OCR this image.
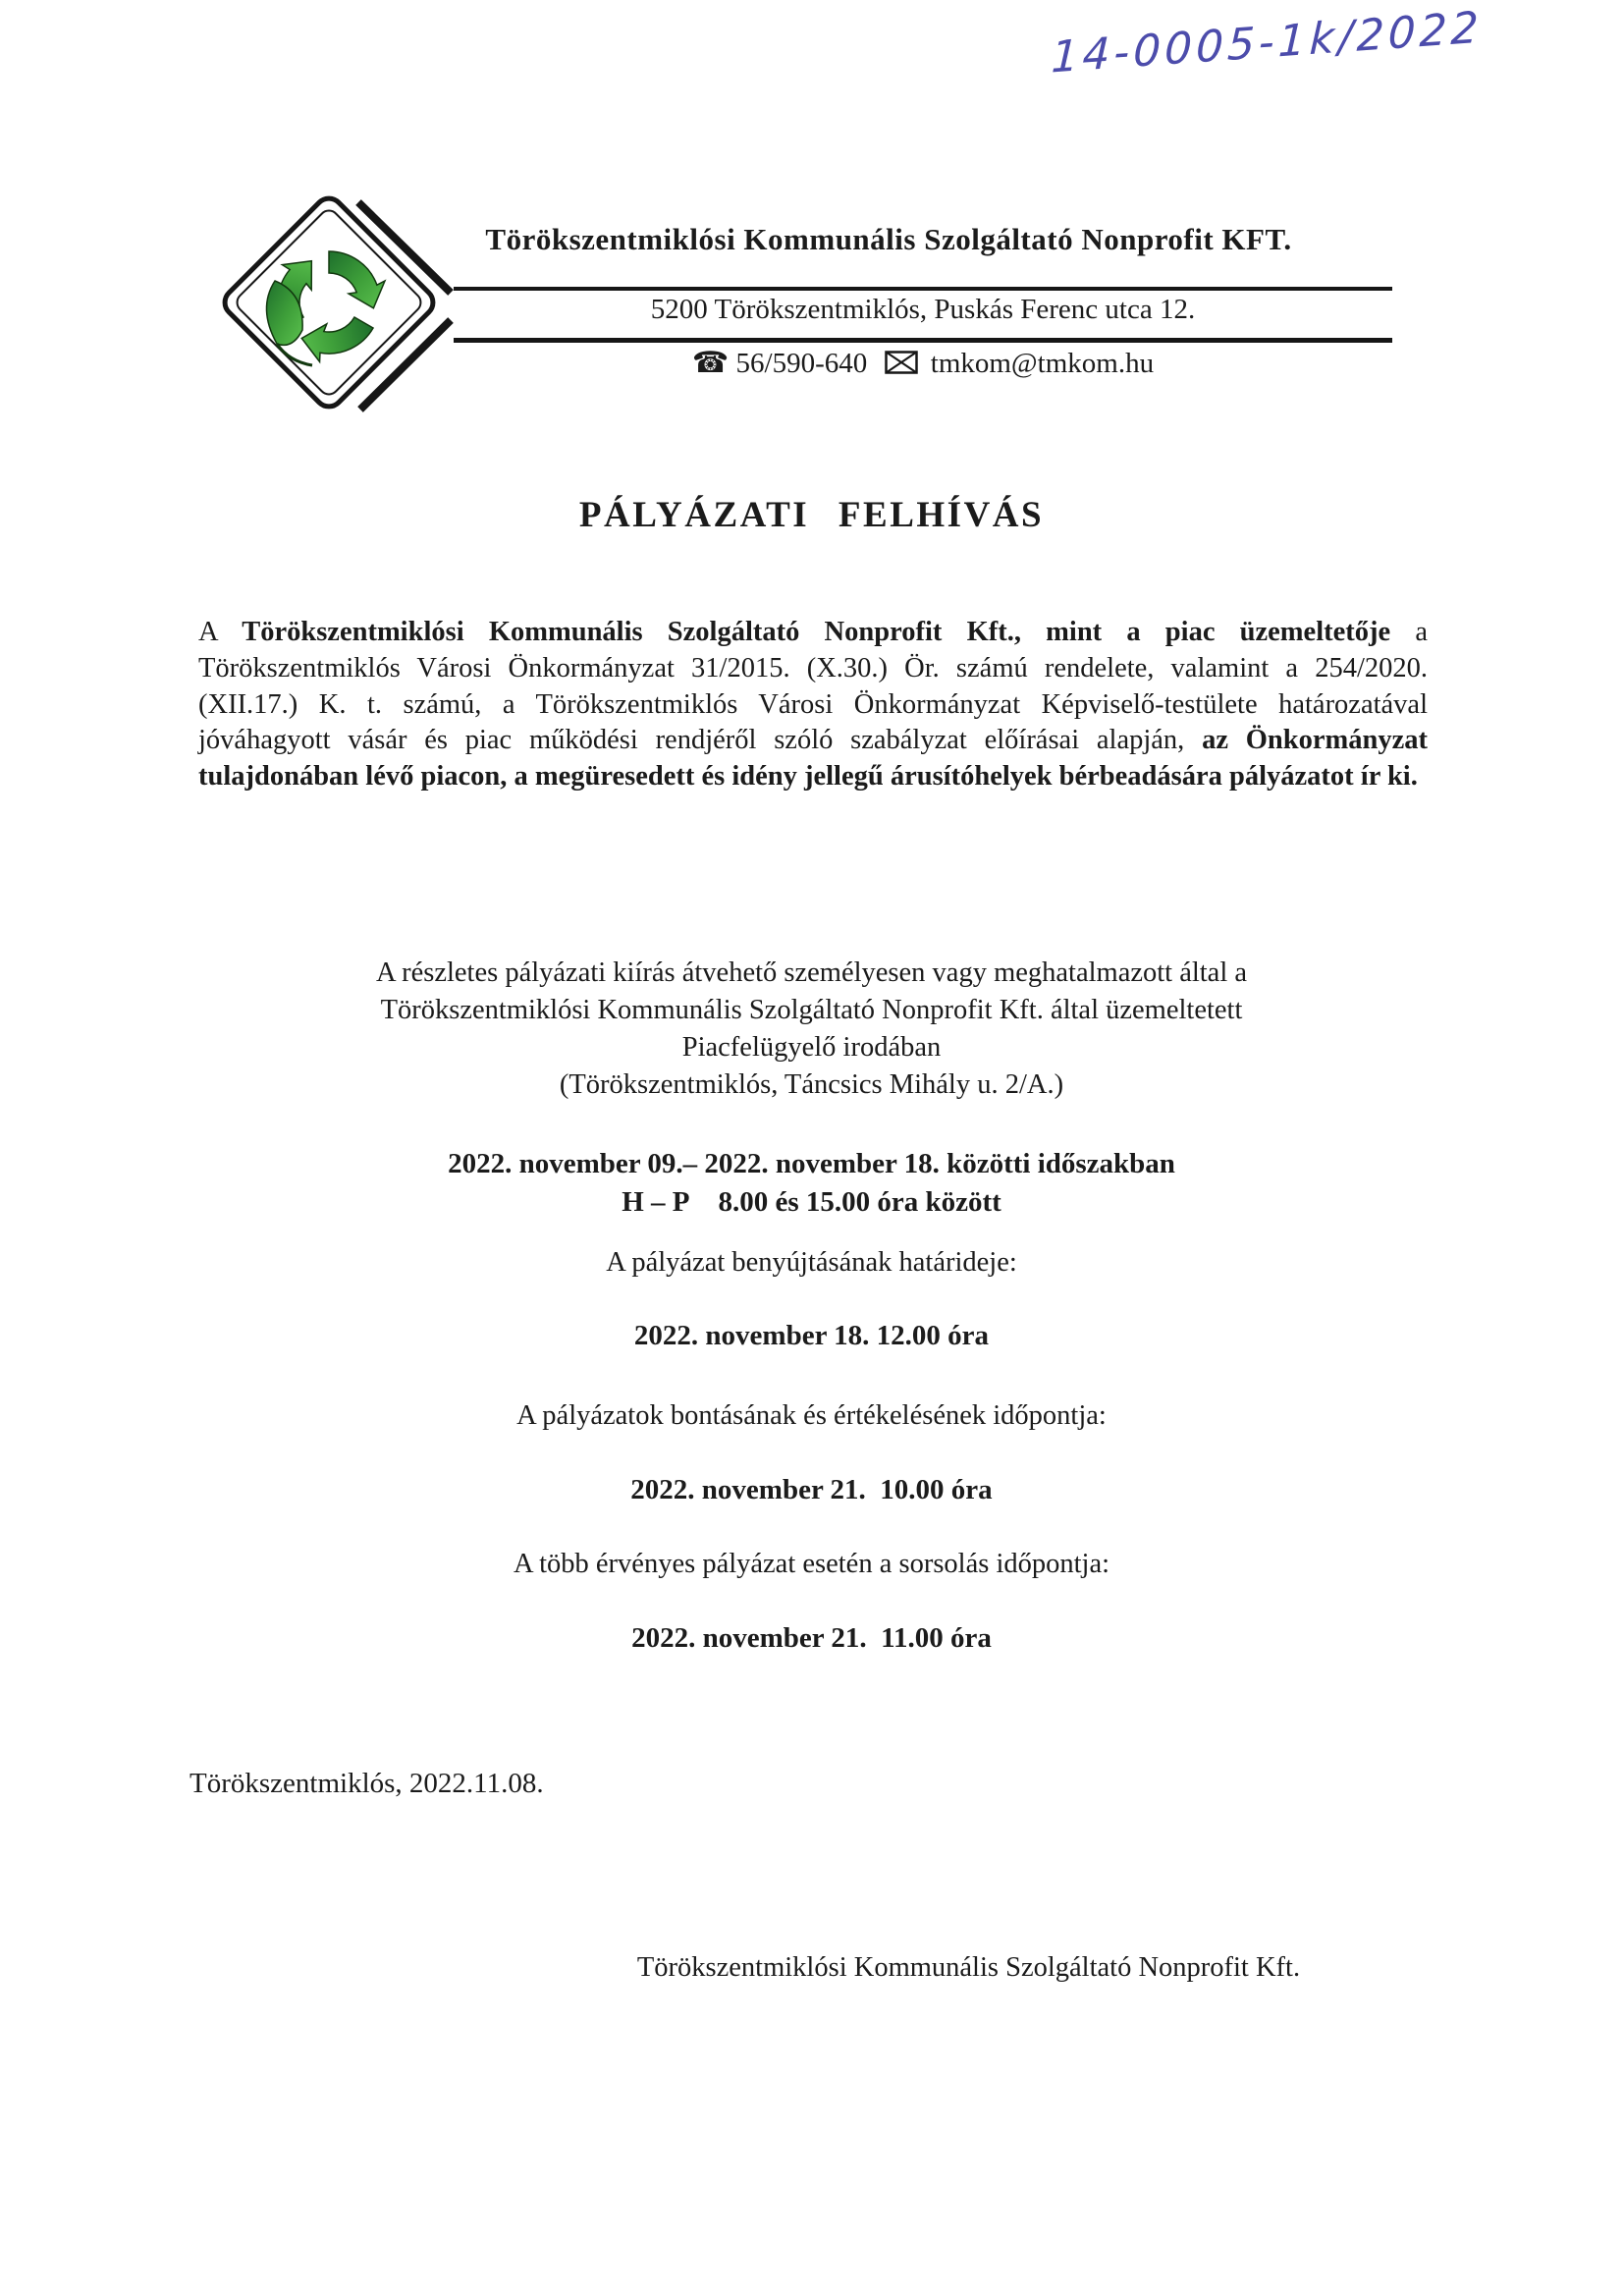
14-0005-1k/2022
Törökszentmiklósi Kommunális Szolgáltató Nonprofit KFT.
5200 Törökszentmiklós, Puskás Ferenc utca 12.
☎ 56/590-640 tmkom@tmkom.hu
PÁLYÁZATI FELHÍVÁS
A Törökszentmiklósi Kommunális Szolgáltató Nonprofit Kft., mint a piac üzemeltetője a Törökszentmiklós Városi Önkormányzat 31/2015. (X.30.) Ör. számú rendelete, valamint a 254/2020. (XII.17.) K. t. számú, a Törökszentmiklós Városi Önkormányzat Képviselő-testülete határozatával jóváhagyott vásár és piac működési rendjéről szóló szabályzat előírásai alapján, az Önkormányzat tulajdonában lévő piacon, a megüresedett és idény jellegű árusítóhelyek bérbeadására pályázatot ír ki.
A részletes pályázati kiírás átvehető személyesen vagy meghatalmazott által a
Törökszentmiklósi Kommunális Szolgáltató Nonprofit Kft. által üzemeltetett
Piacfelügyelő irodában
(Törökszentmiklós, Táncsics Mihály u. 2/A.)
2022. november 09.– 2022. november 18. közötti időszakban
H – P    8.00 és 15.00 óra között
A pályázat benyújtásának határideje:
2022. november 18. 12.00 óra
A pályázatok bontásának és értékelésének időpontja:
2022. november 21.  10.00 óra
A több érvényes pályázat esetén a sorsolás időpontja:
2022. november 21.  11.00 óra
Törökszentmiklós, 2022.11.08.
Törökszentmiklósi Kommunális Szolgáltató Nonprofit Kft.
